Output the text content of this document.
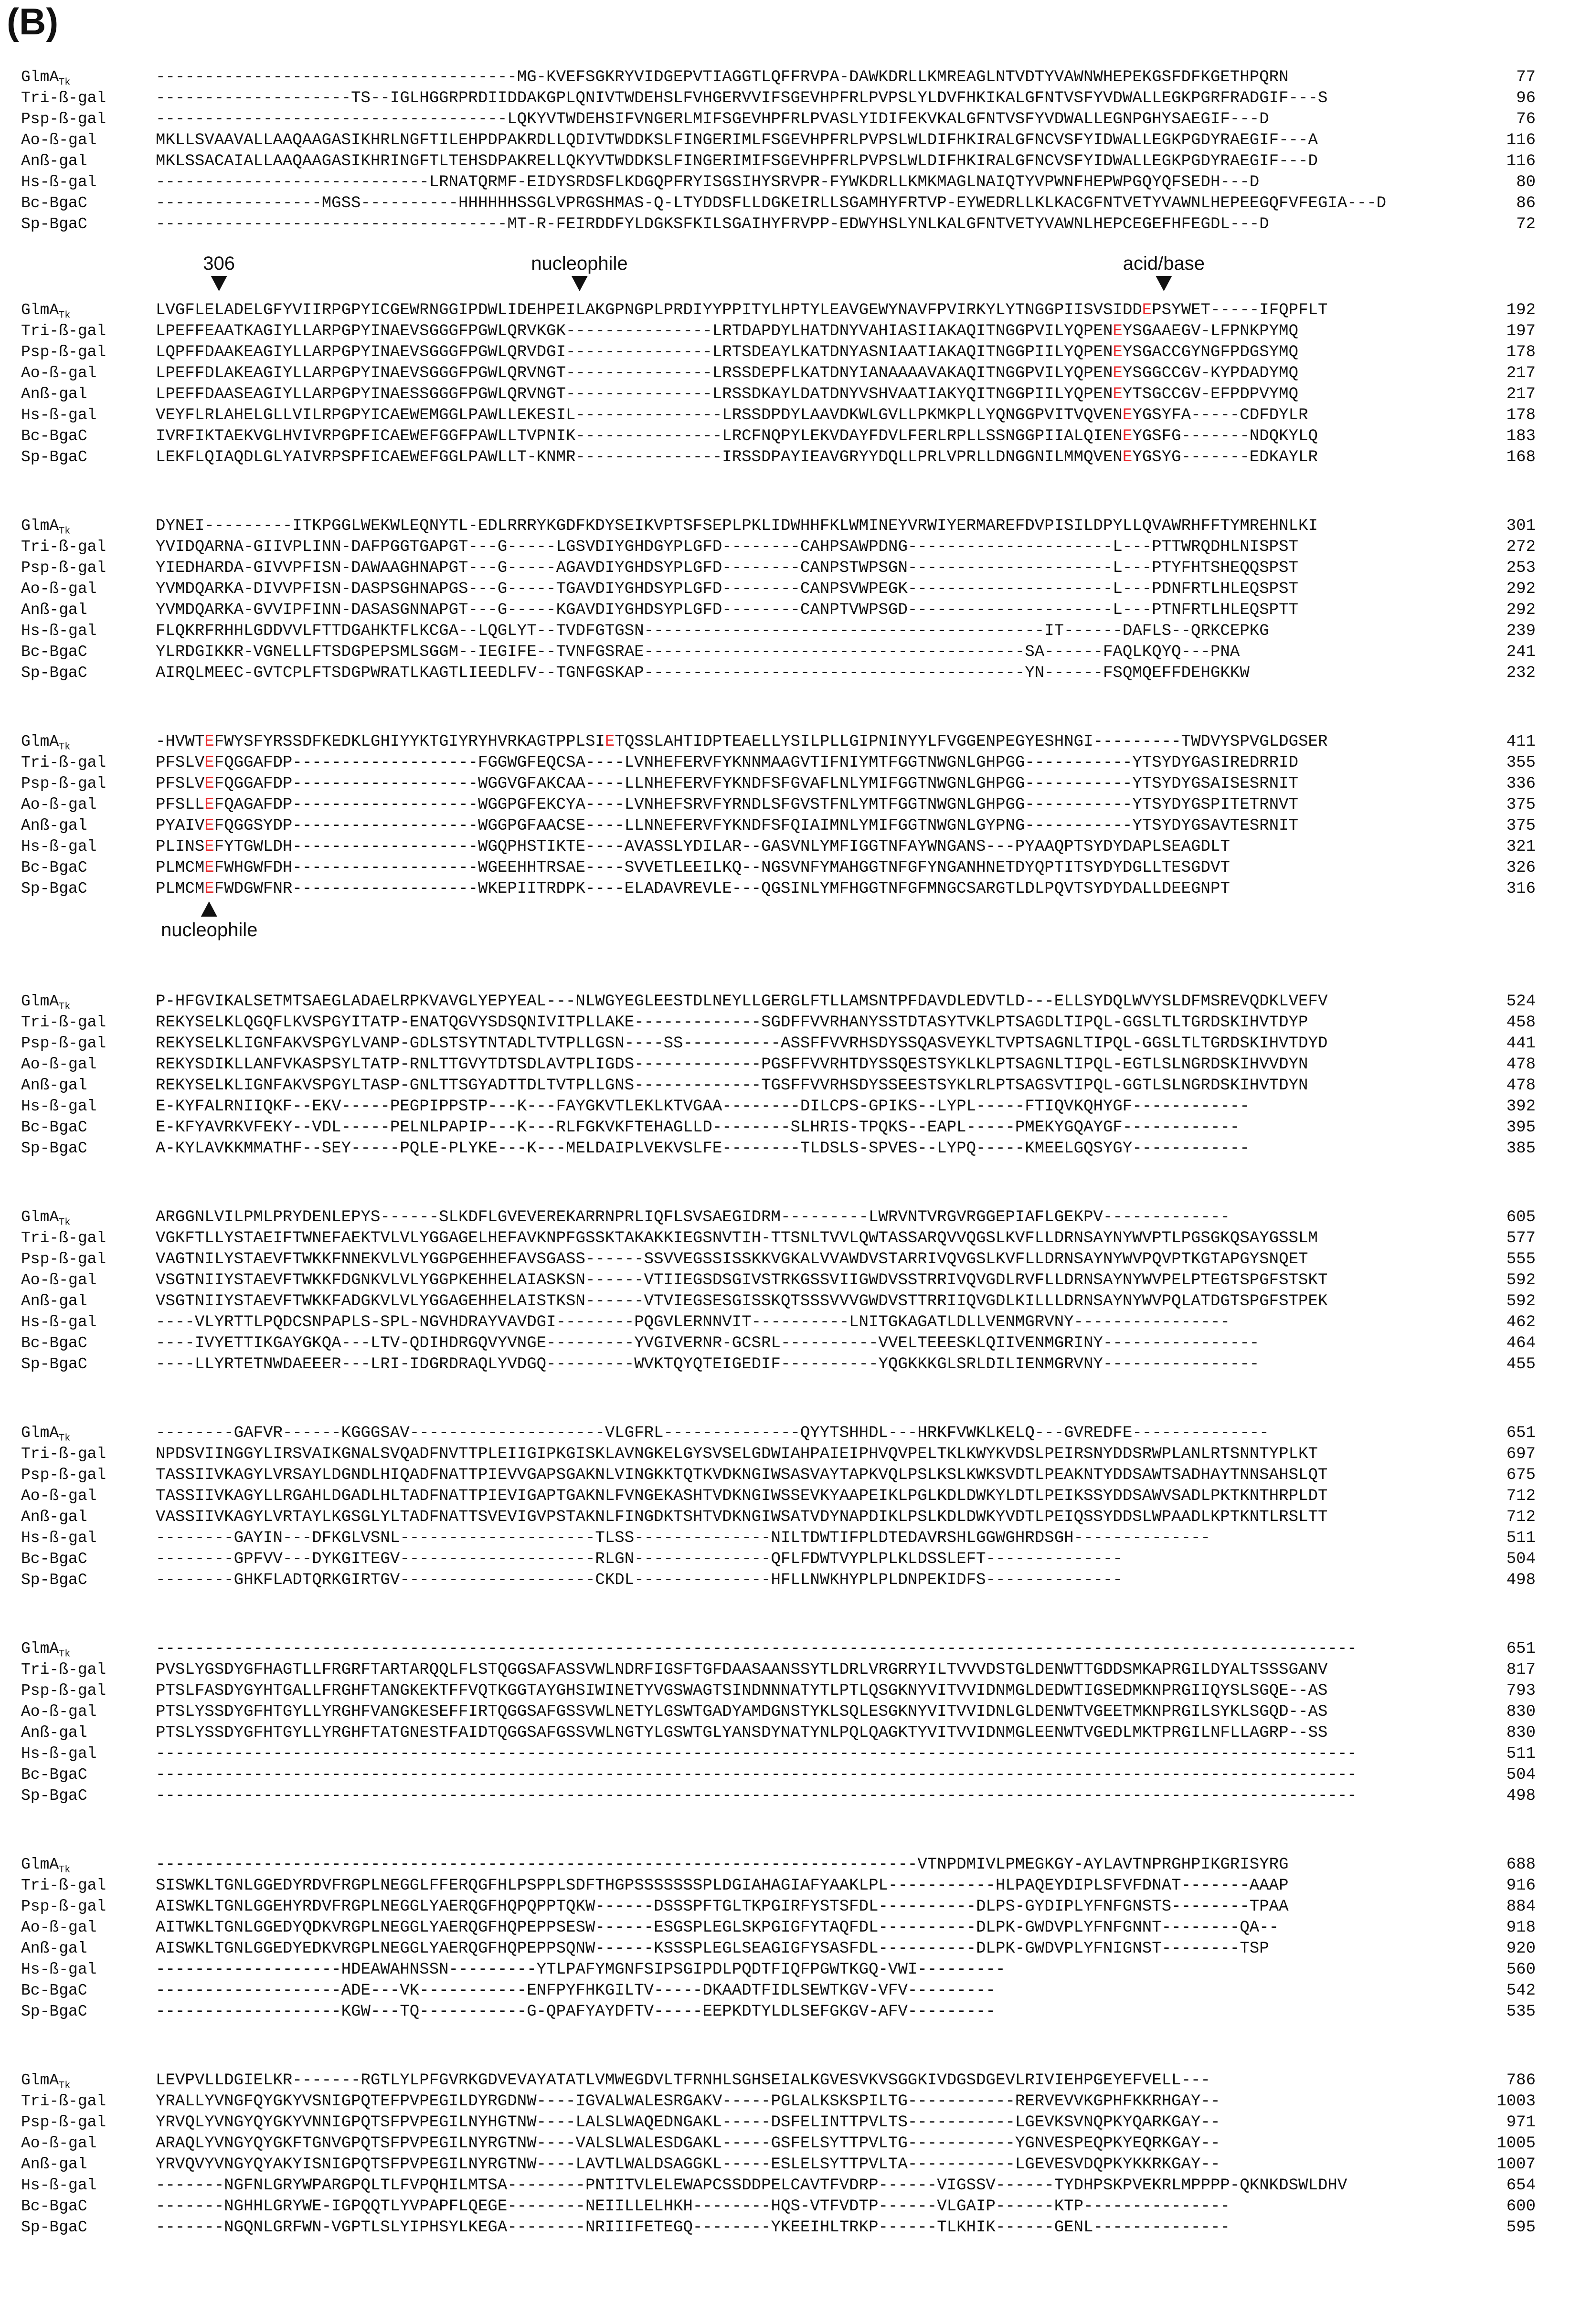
(B)
GlmA$_{Tk}$	-------------------------------------MG-KVEFSGKRYVIDGEPVTIAGGTLQFFRVPA-DAWKDRLLKMREAGLNTVDTYVAWNWHEPEKGSFDFKGETHPQRN	77
Tri-ß-gal	--------------------TS--IGLHGGRPRDIIDDAKGPLQNIVTWDEHSLFVHGERVVIFSGEVHPFRLPVPSLYLDVFHKIKALGFNTVSFYVDWALLEGKPGRFRADGIF---S	96
Psp-ß-gal	------------------------------------LQKYVTWDEHSIFVNGERLMIFSGEVHPFRLPVASLYIDIFEKVKALGFNTVSFYVDWALLEGNPGHYSAEGIF---D	76
Ao-ß-gal	MKLLSVAAVALLAAQAAGASIKHRLNGFTILEHPDPAKRDLLQDIVTWDDKSLFINGERIMLFSGEVHPFRLPVPSLWLDIFHKIRALGFNCVSFYIDWALLEGKPGDYRAEGIF---A	116
Anß-gal	MKLSSACAIALLAAQAAGASIKHRINGFTLTEHSDPAKRELLQKYVTWDDKSLFINGERIMIFSGEVHPFRLPVPSLWLDIFHKIRALGFNCVSFYIDWALLEGKPGDYRAEGIF---D	116
Hs-ß-gal	----------------------------LRNATQRMF-EIDYSRDSFLKDGQPFRYISGSIHYSRVPR-FYWKDRLLKMKMAGLNAIQTYVPWNFHEPWPGQYQFSEDH---D	80
Bc-BgaC	-----------------MGSS----------HHHHHHSSGLVPRGSHMAS-Q-LTYDDSFLLDGKEIRLLSGAMHYFRTVP-EYWEDRLLKLKACGFNTVETYVAWNLHEPEEGQFVFEGIA---D	86
Sp-BgaC	------------------------------------MT-R-FEIRDDFYLDGKSFKILSGAIHYFRVPP-EDWYHSLYNLKALGFNTVETYVAWNLHEPCEGEFHFEGDL---D	72
306	nucleophile	acid/base
GlmA$_{Tk}$	LVGFLELADELGFYVIIRPGPYICGEWRNGGIPDWLIDEHPEILAKGPNGPLPRDIYYPPITYLHPTYLEAVGEWYNAVFPVIRKYLYTNGGPIISVSIDDEPSYWET-----IFQPFLT	192
Tri-ß-gal	LPEFFEAATKAGIYLLARPGPYINAEVSGGGFPGWLQRVKGK---------------LRTDAPDYLHATDNYVAHIASIIAKAQITNGGPVILYQPENEYSGAAEGV-LFPNKPYMQ	197
Psp-ß-gal	LQPFFDAAKEAGIYLLARPGPYINAEVSGGGFPGWLQRVDGI---------------LRTSDEAYLKATDNYASNIAATIAKAQITNGGPIILYQPENEYSGACCGYNGFPDGSYMQ	178
Ao-ß-gal	LPEFFDLAKEAGIYLLARPGPYINAEVSGGGFPGWLQRVNGT---------------LRSSDEPFLKATDNYIANAAAAVAKAQITNGGPVILYQPENEYSGGCCGV-KYPDADYMQ	217
Anß-gal	LPEFFDAASEAGIYLLARPGPYINAESSGGGFPGWLQRVNGT---------------LRSSDKAYLDATDNYVSHVAATIAKYQITNGGPIILYQPENEYTSGCCGV-EFPDPVYMQ	217
Hs-ß-gal	VEYFLRLAHELGLLVILRPGPYICAEWEMGGLPAWLLEKESIL---------------LRSSDPDYLAAVDKWLGVLLPKMKPLLYQNGGPVITVQVENEYGSYFA-----CDFDYLR	178
Bc-BgaC	IVRFIKTAEKVGLHVIVRPGPFICAEWEFGGFPAWLLTVPNIK---------------LRCFNQPYLEKVDAYFDVLFERLRPLLSSNGGPIIALQIENEYGSFG-------NDQKYLQ	183
Sp-BgaC	LEKFLQIAQDLGLYAIVRPSPFICAEWEFGGLPAWLLT-KNMR---------------IRSSDPAYIEAVGRYYDQLLPRLVPRLLDNGGNILMMQVENEYGSYG-------EDKAYLR	168
GlmA$_{Tk}$	DYNEI---------ITKPGGLWEKWLEQNYTL-EDLRRRYKGDFKDYSEIKVPTSFSEPLPKLIDWHHFKLWMINEYVRWIYERMAREFDVPISILDPYLLQVAWRHFFTYMREHNLKI	301
Tri-ß-gal	YVIDQARNA-GIIVPLINN-DAFPGGTGAPGT---G-----LGSVDIYGHDGYPLGFD--------CAHPSAWPDNG---------------------L---PTTWRQDHLNISPST	272
Psp-ß-gal	YIEDHARDA-GIVVPFISN-DAWAAGHNAPGT---G-----AGAVDIYGHDSYPLGFD--------CANPSTWPSGN---------------------L---PTYFHTSHEQQSPST	253
Ao-ß-gal	YVMDQARKA-DIVVPFISN-DASPSGHNAPGS---G-----TGAVDIYGHDSYPLGFD--------CANPSVWPEGK---------------------L---PDNFRTLHLEQSPST	292
Anß-gal	YVMDQARKA-GVVIPFINN-DASASGNNAPGT---G-----KGAVDIYGHDSYPLGFD--------CANPTVWPSGD---------------------L---PTNFRTLHLEQSPTT	292
Hs-ß-gal	FLQKRFRHHLGDDVVLFTTDGAHKTFLKCGA--LQGLYT--TVDFGTGSN-----------------------------------------IT------DAFLS--QRKCEPKG	239
Bc-BgaC	YLRDGIKKR-VGNELLFTSDGPEPSMLSGGM--IEGIFE--TVNFGSRAE---------------------------------------SA------FAQLKQYQ---PNA	241
Sp-BgaC	AIRQLMEEC-GVTCPLFTSDGPWRATLKAGTLIEEDLFV--TGNFGSKAP---------------------------------------YN------FSQMQEFFDEHGKKW	232
GlmA$_{Tk}$	-HVWTEFWYSFYRSSDFKEDKLGHIYYKTGIYRYHVRKAGTPPLSIETQSSLAHTIDPTEAELLYSILPLLGIPNINYYLFVGGENPEGYESHNGI---------TWDVYSPVGLDGSER	411
Tri-ß-gal	PFSLVEFQGGAFDP-------------------FGGWGFEQCSA----LVNHEFERVFYKNNMAAGVTIFNIYMTFGGTNWGNLGHPGG-----------YTSYDYGASIREDRRID	355
Psp-ß-gal	PFSLVEFQGGAFDP-------------------WGGVGFAKCAA----LLNHEFERVFYKNDFSFGVAFLNLYMIFGGTNWGNLGHPGG-----------YTSYDYGSAISESRNIT	336
Ao-ß-gal	PFSLLEFQAGAFDP-------------------WGGPGFEKCYA----LVNHEFSRVFYRNDLSFGVSTFNLYMTFGGTNWGNLGHPGG-----------YTSYDYGSPITETRNVT	375
Anß-gal	PYAIVEFQGGSYDP-------------------WGGPGFAACSE----LLNNEFERVFYKNDFSFQIAIMNLYMIFGGTNWGNLGYPNG-----------YTSYDYGSAVTESRNIT	375
Hs-ß-gal	PLINSEFYTGWLDH-------------------WGQPHSTIKTE----AVASSLYDILAR--GASVNLYMFIGGTNFAYWNGANS---PYAAQPTSYDYDAPLSEAGDLT	321
Bc-BgaC	PLMCMEFWHGWFDH-------------------WGEEHHTRSAE----SVVETLEEILKQ--NGSVNFYMAHGGTNFGFYNGANHNETDYQPTITSYDYDGLLTESGDVT	326
Sp-BgaC	PLMCMEFWDGWFNR-------------------WKEPIITRDPK----ELADAVREVLE---QGSINLYMFHGGTNFGFMNGCSARGTLDLPQVTSYDYDALLDEEGNPT	316
nucleophile
GlmA$_{Tk}$	P-HFGVIKALSETMTSAEGLADAELRPKVAVGLYEPYEAL---NLWGYEGLEESTDLNEYLLGERGLFTLLAMSNTPFDAVDLEDVTLD---ELLSYDQLWVYSLDFMSREVQDKLVEFV	524
Tri-ß-gal	REKYSELKLQGQFLKVSPGYITATP-ENATQGVYSDSQNIVITPLLAKE-------------SGDFFVVRHANYSSTDTASYTVKLPTSAGDLTIPQL-GGSLTLTGRDSKIHVTDYP	458
Psp-ß-gal	REKYSELKLIGNFAKVSPGYLVANP-GDLSTSYTNTADLTVTPLLGSN----SS----------ASSFFVVRHSDYSSQASVEYKLTVPTSAGNLTIPQL-GGSLTLTGRDSKIHVTDYD	441
Ao-ß-gal	REKYSDIKLLANFVKASPSYLTATP-RNLTTGVYTDTSDLAVTPLIGDS-------------PGSFFVVRHTDYSSQESTSYKLKLPTSAGNLTIPQL-EGTLSLNGRDSKIHVVDYN	478
Anß-gal	REKYSELKLIGNFAKVSPGYLTASP-GNLTTSGYADTTDLTVTPLLGNS-------------TGSFFVVRHSDYSSEESTSYKLRLPTSAGSVTIPQL-GGTLSLNGRDSKIHVTDYN	478
Hs-ß-gal	E-KYFALRNIIQKF--EKV-----PEGPIPPSTP---K---FAYGKVTLEKLKTVGAA--------DILCPS-GPIKS--LYPL-----FTIQVKQHYGF------------	392
Bc-BgaC	E-KFYAVRKVFEKY--VDL-----PELNLPAPIP---K---RLFGKVKFTEHAGLLD--------SLHRIS-TPQKS--EAPL-----PMEKYGQAYGF------------	395
Sp-BgaC	A-KYLAVKKMMATHF--SEY-----PQLE-PLYKE---K---MELDAIPLVEKVSLFE--------TLDSLS-SPVES--LYPQ-----KMEELGQSYGY------------	385
GlmA$_{Tk}$	ARGGNLVILPMLPRYDENLEPYS------SLKDFLGVEVEREKARRNPRLIQFLSVSAEGIDRM---------LWRVNTVRGVRGGEPIAFLGEKPV-------------	605
Tri-ß-gal	VGKFTLLYSTAEIFTWNEFAEKTVLVLYGGAGELHEFAVKNPFGSSKTAKAKKIEGSNVTIH-TTSNLTVVLQWTASSARQVVQGSLKVFLLDRNSAYNYWVPTLPGSGKQSAYGSSLM	577
Psp-ß-gal	VAGTNILYSTAEVFTWKKFNNEKVLVLYGGPGEHHEFAVSGASS------SSVVEGSSISSKKVGKALVVAWDVSTARRIVQVGSLKVFLLDRNSAYNYWVPQVPTKGTAPGYSNQET	555
Ao-ß-gal	VSGTNIIYSTAEVFTWKKFDGNKVLVLYGGPKEHHELAIASKSN------VTIIEGSDSGIVSTRKGSSVIIGWDVSSTRRIVQVGDLRVFLLDRNSAYNYWVPELPTEGTSPGFSTSKT	592
Anß-gal	VSGTNIIYSTAEVFTWKKFADGKVLVLYGGAGEHHELAISTKSN------VTVIEGSESGISSKQTSSSVVVGWDVSTTRRIIQVGDLKILLLDRNSAYNYWVPQLATDGTSPGFSTPEK	592
Hs-ß-gal	----VLYRTTLPQDCSNPAPLS-SPL-NGVHDRAYVAVDGI--------PQGVLERNNVIT----------LNITGKAGATLDLLVENMGRVNY----------------	462
Bc-BgaC	----IVYETTIKGAYGKQA---LTV-QDIHDRGQVYVNGE---------YVGIVERNR-GCSRL----------VVELTEEESKLQIIVENMGRINY----------------	464
Sp-BgaC	----LLYRTETNWDAEEER---LRI-IDGRDRAQLYVDGQ---------WVKTQYQTEIGEDIF----------YQGKKKGLSRLDILIENMGRVNY----------------	455
GlmA$_{Tk}$	--------GAFVR------KGGGSAV--------------------VLGFRL--------------QYYTSHHDL---HRKFVWKLKELQ---GVREDFE--------------	651
Tri-ß-gal	NPDSVIINGGYLIRSVAIKGNALSVQADFNVTTPLEIIGIPKGISKLAVNGKELGYSVSELGDWIAHPAIEIPHVQVPELTKLKWYKVDSLPEIRSNYDDSRWPLANLRTSNNTYPLKT	697
Psp-ß-gal	TASSIIVKAGYLVRSAYLDGNDLHIQADFNATTPIEVVGAPSGAKNLVINGKKTQTKVDKNGIWSASVAYTAPKVQLPSLKSLKWKSVDTLPEAKNTYDDSAWTSADHAYTNNSAHSLQT	675
Ao-ß-gal	TASSIIVKAGYLLRGAHLDGADLHLTADFNATTPIEVIGAPTGAKNLFVNGEKASHTVDKNGIWSSEVKYAAPEIKLPGLKDLDWKYLDTLPEIKSSYDDSAWVSADLPKTKNTHRPLDT	712
Anß-gal	VASSIIVKAGYLVRTAYLKGSGLYLTADFNATTSVEVIGVPSTAKNLFINGDKTSHTVDKNGIWSATVDYNAPDIKLPSLKDLDWKYVDTLPEIQSSYDDSLWPAADLKPTKNTLRSLTT	712
Hs-ß-gal	--------GAYIN---DFKGLVSNL--------------------TLSS--------------NILTDWTIFPLDTEDAVRSHLGGWGHRDSGH--------------	511
Bc-BgaC	--------GPFVV---DYKGITEGV--------------------RLGN--------------QFLFDWTVYPLPLKLDSSLEFT--------------	504
Sp-BgaC	--------GHKFLADTQRKGIRTGV--------------------CKDL--------------HFLLNWKHYPLPLDNPEKIDFS--------------	498
GlmA$_{Tk}$	---------------------------------------------------------------------------------------------------------------------------	651
Tri-ß-gal	PVSLYGSDYGFHAGTLLFRGRFTARTARQQLFLSTQGGSAFASSVWLNDRFIGSFTGFDAASAANSSYTLDRLVRGRRYILTVVVDSTGLDENWTTGDDSMKAPRGILDYALTSSSGANV	817
Psp-ß-gal	PTSLFASDYGYHTGALLFRGHFTANGKEKTFFVQTKGGTAYGHSIWINETYVGSWAGTSINDNNNATYTLPTLQSGKNYVITVVIDNMGLDEDWTIGSEDMKNPRGIIQYSLSGQE--AS	793
Ao-ß-gal	PTSLYSSDYGFHTGYLLYRGHFVANGKESEFFIRTQGGSAFGSSVWLNETYLGSWTGADYAMDGNSTYKLSQLESGKNYVITVVIDNLGLDENWTVGEETMKNPRGILSYKLSGQD--AS	830
Anß-gal	PTSLYSSDYGFHTGYLLYRGHFTATGNESTFAIDTQGGSAFGSSVWLNGTYLGSWTGLYANSDYNATYNLPQLQAGKTYVITVVIDNMGLEENWTVGEDLMKTPRGILNFLLAGRP--SS	830
Hs-ß-gal	---------------------------------------------------------------------------------------------------------------------------	511
Bc-BgaC	---------------------------------------------------------------------------------------------------------------------------	504
Sp-BgaC	---------------------------------------------------------------------------------------------------------------------------	498
GlmA$_{Tk}$	------------------------------------------------------------------------------VTNPDMIVLPMEGKGY-AYLAVTNPRGHPIKGRISYRG	688
Tri-ß-gal	SISWKLTGNLGGEDYRDVFRGPLNEGGLFFERQGFHLPSPPLSDFTHGPSSSSSSSPLDGIAHAGIAFYAAKLPL-----------HLPAQEYDIPLSFVFDNAT-------AAAP	916
Psp-ß-gal	AISWKLTGNLGGEHYRDVFRGPLNEGGLYAERQGFHQPQPPTQKW------DSSSPFTGLTKPGIRFYSTSFDL----------DLPS-GYDIPLYFNFGNSTS--------TPAA	884
Ao-ß-gal	AITWKLTGNLGGEDYQDKVRGPLNEGGLYAERQGFHQPEPPSESW------ESGSPLEGLSKPGIGFYTAQFDL----------DLPK-GWDVPLYFNFGNNT--------QA--	918
Anß-gal	AISWKLTGNLGGEDYEDKVRGPLNEGGLYAERQGFHQPEPPSQNW------KSSSPLEGLSEAGIGFYSASFDL----------DLPK-GWDVPLYFNIGNST--------TSP	920
Hs-ß-gal	-------------------HDEAWAHNSSN---------YTLPAFYMGNFSIPSGIPDLPQDTFIQFPGWTKGQ-VWI---------	560
Bc-BgaC	-------------------ADE---VK-----------ENFPYFHKGILTV-----DKAADTFIDLSEWTKGV-VFV---------	542
Sp-BgaC	-------------------KGW---TQ-----------G-QPAFYAYDFTV-----EEPKDTYLDLSEFGKGV-AFV---------	535
GlmA$_{Tk}$	LEVPVLLDGIELKR-------RGTLYLPFGVRKGDVEVAYATATLVMWEGDVLTFRNHLSGHSEIALKGVESVKVSGGKIVDGSDGEVLRIVIEHPGEYEFVELL---	786
Tri-ß-gal	YRALLYVNGFQYGKYVSNIGPQTEFPVPEGILDYRGDNW----IGVALWALESRGAKV-----PGLALKSKSPILTG-----------RERVEVVKGPHFKKRHGAY--	1003
Psp-ß-gal	YRVQLYVNGYQYGKYVNNIGPQTSFPVPEGILNYHGTNW----LALSLWAQEDNGAKL-----DSFELINTTPVLTS-----------LGEVKSVNQPKYQARKGAY--	971
Ao-ß-gal	ARAQLYVNGYQYGKFTGNVGPQTSFPVPEGILNYRGTNW----VALSLWALESDGAKL-----GSFELSYTTPVLTG-----------YGNVESPEQPKYEQRKGAY--	1005
Anß-gal	YRVQVYVNGYQYAKYISNIGPQTSFPVPEGILNYRGTNW----LAVTLWALDSAGGKL-----ESLELSYTTPVLTA-----------LGEVESVDQPKYKKRKGAY--	1007
Hs-ß-gal	-------NGFNLGRYWPARGPQLTLFVPQHILMTSA--------PNTITVLELEWAPCSSDDPELCAVTFVDRP------VIGSSV------TYDHPSKPVEKRLMPPPP-QKNKDSWLDHV	654
Bc-BgaC	-------NGHHLGRYWE-IGPQQTLYVPAPFLQEGE--------NEIILLELHKH--------HQS-VTFVDTP------VLGAIP------KTP---------------	600
Sp-BgaC	-------NGQNLGRFWN-VGPTLSLYIPHSYLKEGA--------NRIIIFETEGQ--------YKEEIHLTRKP------TLKHIK------GENL--------------	595
